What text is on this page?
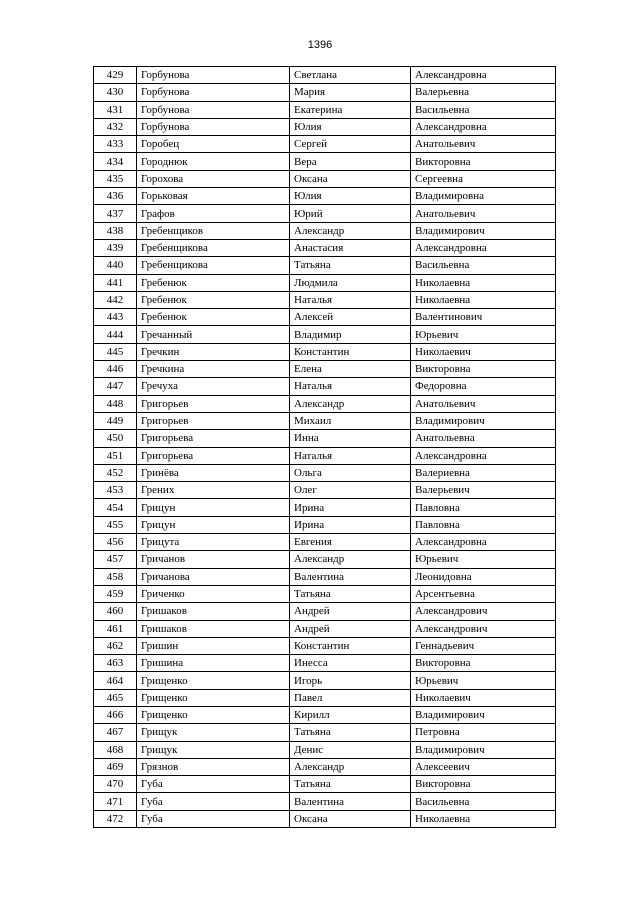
1396
429	Горбунова	Светлана	Александровна
430	Горбунова	Мария	Валерьевна
431	Горбунова	Екатерина	Васильевна
432	Горбунова	Юлия	Александровна
433	Горобец	Сергей	Анатольевич
434	Городнюк	Вера	Викторовна
435	Горохова	Оксана	Сергеевна
436	Горьковая	Юлия	Владимировна
437	Графов	Юрий	Анатольевич
438	Гребенщиков	Александр	Владимирович
439	Гребенщикова	Анастасия	Александровна
440	Гребенщикова	Татьяна	Васильевна
441	Гребенюк	Людмила	Николаевна
442	Гребенюк	Наталья	Николаевна
443	Гребенюк	Алексей	Валентинович
444	Гречанный	Владимир	Юрьевич
445	Гречкин	Константин	Николаевич
446	Гречкина	Елена	Викторовна
447	Гречуха	Наталья	Федоровна
448	Григорьев	Александр	Анатольевич
449	Григорьев	Михаил	Владимирович
450	Григорьева	Инна	Анатольевна
451	Григорьева	Наталья	Александровна
452	Гринёва	Ольга	Валериевна
453	Грених	Олег	Валерьевич
454	Грицун	Ирина	Павловна
455	Грицун	Ирина	Павловна
456	Грицута	Евгения	Александровна
457	Гричанов	Александр	Юрьевич
458	Гричанова	Валентина	Леонидовна
459	Гриченко	Татьяна	Арсентьевна
460	Гришаков	Андрей	Александрович
461	Гришаков	Андрей	Александрович
462	Гришин	Константин	Геннадьевич
463	Гришина	Инесса	Викторовна
464	Грищенко	Игорь	Юрьевич
465	Грищенко	Павел	Николаевич
466	Грищенко	Кирилл	Владимирович
467	Грищук	Татьяна	Петровна
468	Грищук	Денис	Владимирович
469	Грязнов	Александр	Алексеевич
470	Губа	Татьяна	Викторовна
471	Губа	Валентина	Васильевна
472	Губа	Оксана	Николаевна
